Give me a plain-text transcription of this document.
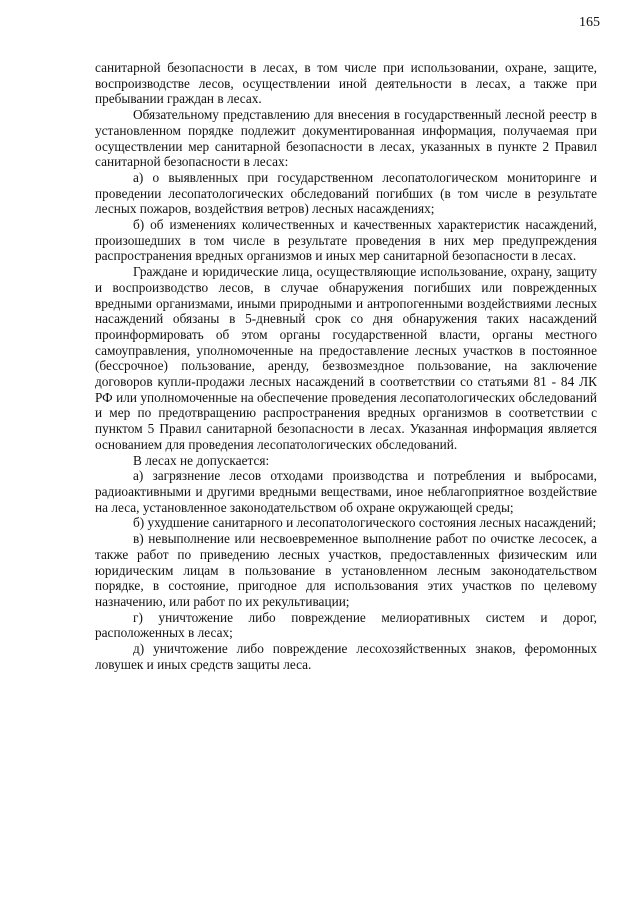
165

санитарной безопасности в лесах, в том числе при использовании, охране, защите, воспроизводстве лесов, осуществлении иной деятельности в лесах, а также при пребывании граждан в лесах.

Обязательному представлению для внесения в государственный лесной реестр в установленном порядке подлежит документированная информация, получаемая при осуществлении мер санитарной безопасности в лесах, указанных в пункте 2 Правил санитарной безопасности в лесах:

а) о выявленных при государственном лесопатологическом мониторинге и проведении лесопатологических обследований погибших (в том числе в результате лесных пожаров, воздействия ветров) лесных насаждениях;

б) об изменениях количественных и качественных характеристик насаждений, произошедших в том числе в результате проведения в них мер предупреждения распространения вредных организмов и иных мер санитарной безопасности в лесах.

Граждане и юридические лица, осуществляющие использование, охрану, защиту и воспроизводство лесов, в случае обнаружения погибших или поврежденных вредными организмами, иными природными и антропогенными воздействиями лесных насаждений обязаны в 5-дневный срок со дня обнаружения таких насаждений проинформировать об этом органы государственной власти, органы местного самоуправления, уполномоченные на предоставление лесных участков в постоянное (бессрочное) пользование, аренду, безвозмездное пользование, на заключение договоров купли-продажи лесных насаждений в соответствии со статьями 81 - 84 ЛК РФ или уполномоченные на обеспечение проведения лесопатологических обследований и мер по предотвращению распространения вредных организмов в соответствии с пунктом 5 Правил санитарной безопасности в лесах. Указанная информация является основанием для проведения лесопатологических обследований.

В лесах не допускается:

а) загрязнение лесов отходами производства и потребления и выбросами, радиоактивными и другими вредными веществами, иное неблагоприятное воздействие на леса, установленное законодательством об охране окружающей среды;

б) ухудшение санитарного и лесопатологического состояния лесных насаждений;

в) невыполнение или несвоевременное выполнение работ по очистке лесосек, а также работ по приведению лесных участков, предоставленных физическим или юридическим лицам в пользование в установленном лесным законодательством порядке, в состояние, пригодное для использования этих участков по целевому назначению, или работ по их рекультивации;

г) уничтожение либо повреждение мелиоративных систем и дорог, расположенных в лесах;

д) уничтожение либо повреждение лесохозяйственных знаков, феромонных ловушек и иных средств защиты леса.
